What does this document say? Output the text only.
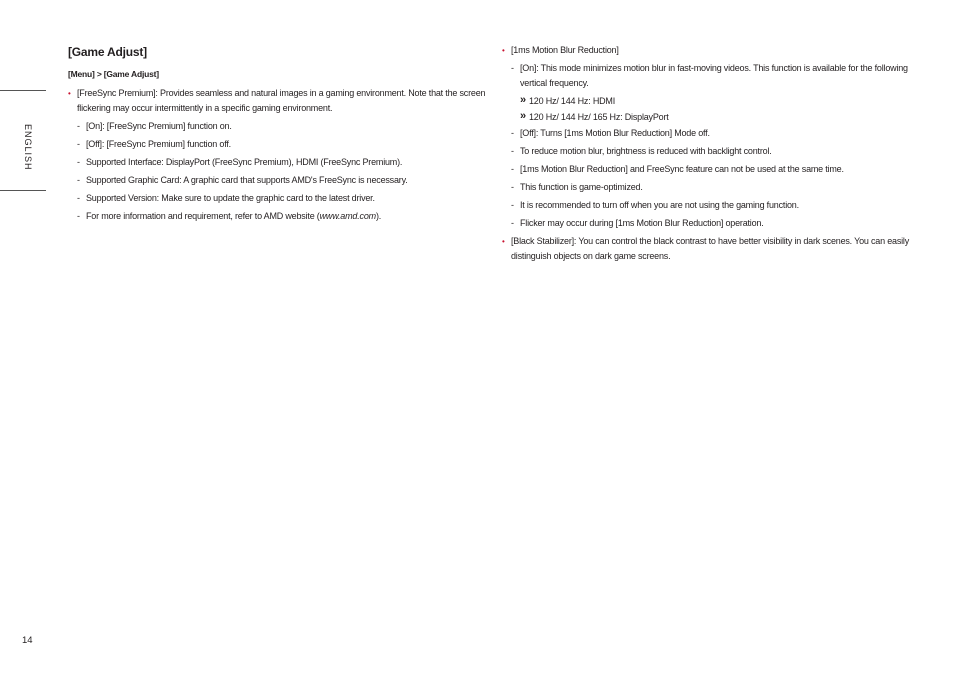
ENGLISH
14
[Game Adjust]
[Menu] > [Game Adjust]
• [FreeSync Premium]: Provides seamless and natural images in a gaming environment. Note that the screen flickering may occur intermittently in a specific gaming environment.
- [On]: [FreeSync Premium] function on.
- [Off]: [FreeSync Premium] function off.
- Supported Interface: DisplayPort (FreeSync Premium), HDMI (FreeSync Premium).
- Supported Graphic Card: A graphic card that supports AMD's FreeSync is necessary.
- Supported Version: Make sure to update the graphic card to the latest driver.
- For more information and requirement, refer to AMD website (www.amd.com).
• [1ms Motion Blur Reduction]
- [On]: This mode minimizes motion blur in fast-moving videos. This function is available for the following vertical frequency.
» 120 Hz/ 144 Hz: HDMI
» 120 Hz/ 144 Hz/ 165 Hz: DisplayPort
- [Off]: Turns [1ms Motion Blur Reduction] Mode off.
- To reduce motion blur, brightness is reduced with backlight control.
- [1ms Motion Blur Reduction] and FreeSync feature can not be used at the same time.
- This function is game-optimized.
- It is recommended to turn off when you are not using the gaming function.
- Flicker may occur during [1ms Motion Blur Reduction] operation.
• [Black Stabilizer]: You can control the black contrast to have better visibility in dark scenes. You can easily distinguish objects on dark game screens.
